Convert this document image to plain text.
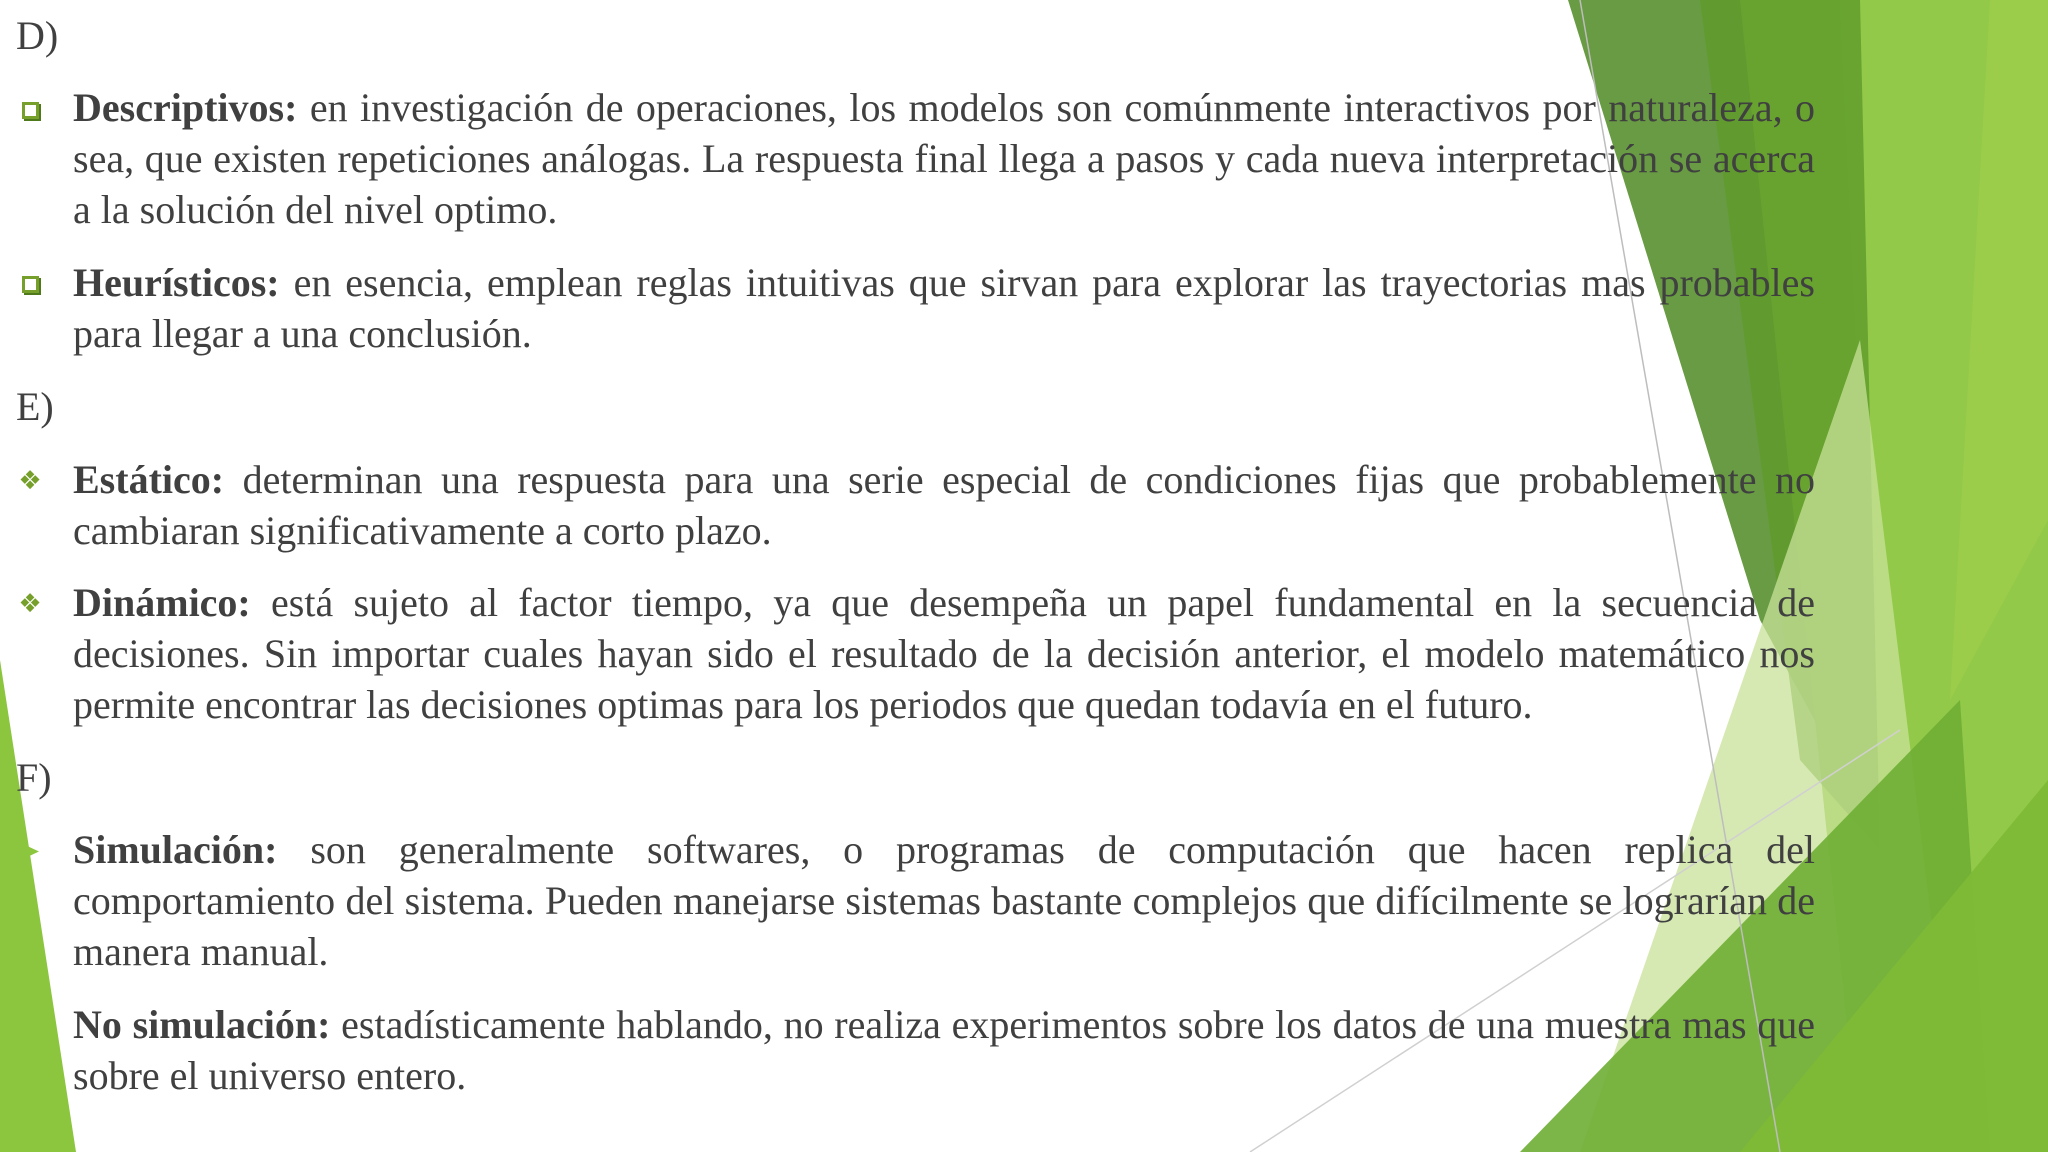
D)
Descriptivos: en investigación de operaciones, los modelos son comúnmente interactivos por naturaleza, o sea, que existen repeticiones análogas. La respuesta final llega a pasos y cada nueva interpretación se acerca a la solución del nivel optimo.
Heurísticos: en esencia, emplean reglas intuitivas que sirvan para explorar las trayectorias mas probables para llegar a una conclusión.
E)
❖ Estático: determinan una respuesta para una serie especial de condiciones fijas que probablemente no cambiaran significativamente a corto plazo.
❖ Dinámico: está sujeto al factor tiempo, ya que desempeña un papel fundamental en la secuencia de decisiones. Sin importar cuales hayan sido el resultado de la decisión anterior, el modelo matemático nos permite encontrar las decisiones optimas para los periodos que quedan todavía en el futuro.
F)
➤ Simulación: son generalmente softwares, o programas de computación que hacen replica del comportamiento del sistema. Pueden manejarse sistemas bastante complejos que difícilmente se lograrían de manera manual.
➤ No simulación: estadísticamente hablando, no realiza experimentos sobre los datos de una muestra mas que sobre el universo entero.
